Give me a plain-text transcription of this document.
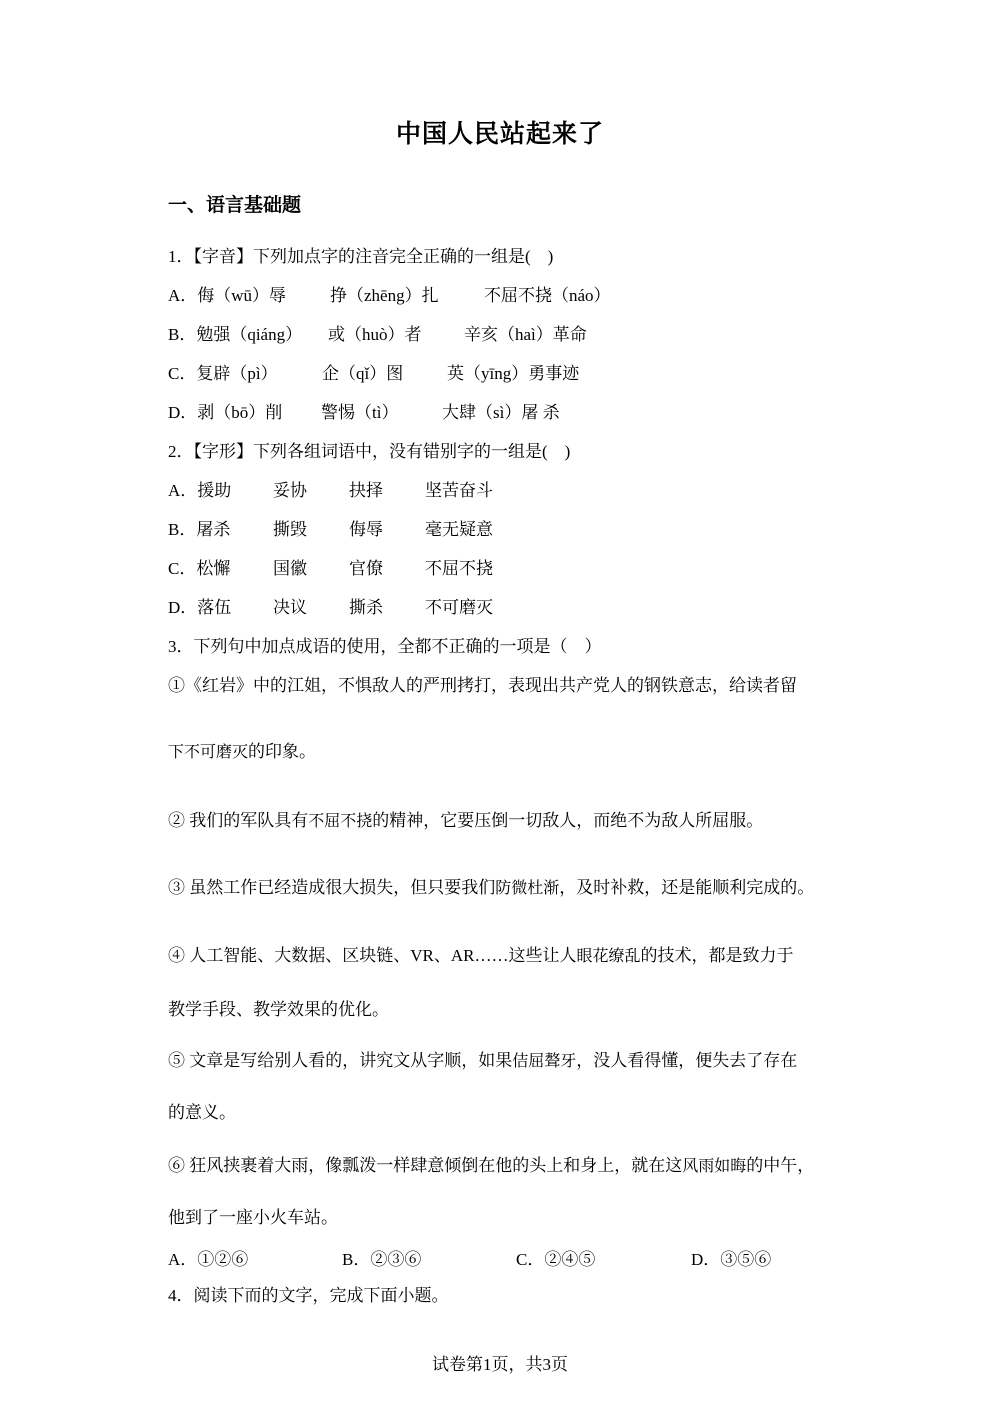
中国人民站起来了
一、语言基础题
1．【字音】下列加点字的注音完全正确的一组是(　)
A．侮（wū）辱	挣（zhēng）扎	不屈不挠（náo）
B．勉强（qiáng） 或（huò）者	辛亥（haì）革命
C．复辟（pì）	企（qǐ）图	英（yīng）勇事迹
D．剥（bō）削 警惕（tì）	大肆（sì）屠 杀
2．【字形】下列各组词语中，没有错别字的一组是(　)
A．援助 妥协 抉择 坚苦奋斗
B．屠杀	撕毁 侮辱 毫无疑意
C．松懈	国徽 官僚 不屈不挠
D．落伍 决议 撕杀 不可磨灭
3．下列句中加点成语的使用，全都不正确的一项是（　）
①《红岩》中的江姐，不惧敌人的严刑拷打，表现出共产党人的钢铁意志，给读者留
下不可磨灭的印象。
② 我们的军队具有不屈不挠的精神，它要压倒一切敌人，而绝不为敌人所屈服。
③ 虽然工作已经造成很大损失，但只要我们防微杜渐，及时补救，还是能顺利完成的。
④ 人工智能、大数据、区块链、VR、AR……这些让人眼花缭乱的技术，都是致力于
教学手段、教学效果的优化。
⑤ 文章是写给别人看的，讲究文从字顺，如果佶屈聱牙，没人看得懂，便失去了存在
的意义。
⑥ 狂风挟裹着大雨，像瓢泼一样肆意倾倒在他的头上和身上，就在这风雨如晦的中午，
他到了一座小火车站。
A．①②⑥	B．②③⑥	C．②④⑤	D．③⑤⑥
4．阅读下而的文字，完成下面小题。
试卷第1页，共3页
